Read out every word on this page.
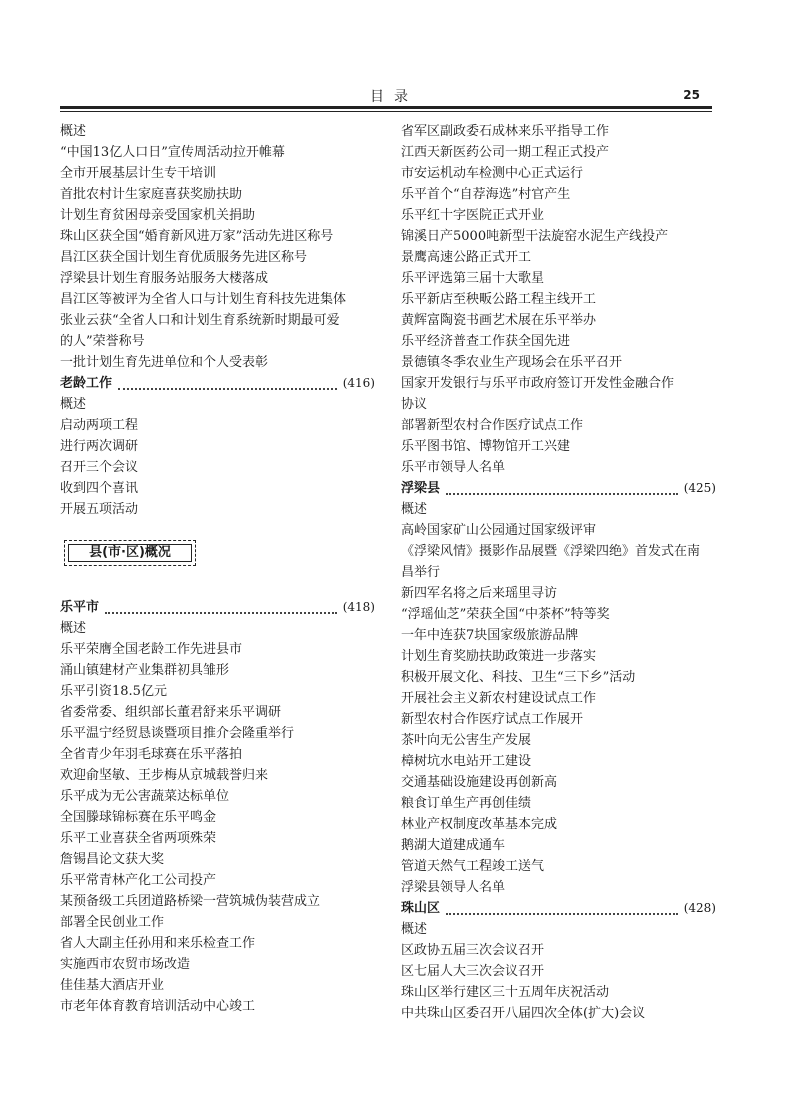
目录	25
概述
“中国13亿人口日”宣传周活动拉开帷幕
全市开展基层计生专干培训
首批农村计生家庭喜获奖励扶助
计划生育贫困母亲受国家机关捐助
珠山区获全国“婚育新风进万家”活动先进区称号
昌江区获全国计划生育优质服务先进区称号
浮梁县计划生育服务站服务大楼落成
昌江区等被评为全省人口与计划生育科技先进集体
张业云获“全省人口和计划生育系统新时期最可爱
的人”荣誉称号
一批计划生育先进单位和个人受表彰
老龄工作	(416)
概述
启动两项工程
进行两次调研
召开三个会议
收到四个喜讯
开展五项活动
县(市·区)概况
乐平市	(418)
概述
乐平荣膺全国老龄工作先进县市
涌山镇建材产业集群初具雏形
乐平引资18.5亿元
省委常委、组织部长董君舒来乐平调研
乐平温宁经贸恳谈暨项目推介会隆重举行
全省青少年羽毛球赛在乐平落拍
欢迎俞坚敏、王步梅从京城载誉归来
乐平成为无公害蔬菜达标单位
全国滕球锦标赛在乐平鸣金
乐平工业喜获全省两项殊荣
詹锡昌论文获大奖
乐平常青林产化工公司投产
某预备级工兵团道路桥梁一营筑城伪装营成立
部署全民创业工作
省人大副主任孙用和来乐检查工作
实施西市农贸市场改造
佳佳基大酒店开业
市老年体育教育培训活动中心竣工
省军区副政委石成林来乐平指导工作
江西天新医药公司一期工程正式投产
市安运机动车检测中心正式运行
乐平首个“自荐海选”村官产生
乐平红十字医院正式开业
锦溪日产5000吨新型干法旋窑水泥生产线投产
景鹰高速公路正式开工
乐平评选第三届十大歌星
乐平新店至秧畈公路工程主线开工
黄辉富陶瓷书画艺术展在乐平举办
乐平经济普查工作获全国先进
景德镇冬季农业生产现场会在乐平召开
国家开发银行与乐平市政府签订开发性金融合作
协议
部署新型农村合作医疗试点工作
乐平图书馆、博物馆开工兴建
乐平市领导人名单
浮梁县	(425)
概述
高岭国家矿山公园通过国家级评审
《浮梁风情》摄影作品展暨《浮梁四绝》首发式在南
昌举行
新四军名将之后来瑶里寻访
“浮瑶仙芝”荣获全国“中茶杯”特等奖
一年中连获7块国家级旅游品牌
计划生育奖励扶助政策进一步落实
积极开展文化、科技、卫生“三下乡”活动
开展社会主义新农村建设试点工作
新型农村合作医疗试点工作展开
茶叶向无公害生产发展
樟树坑水电站开工建设
交通基础设施建设再创新高
粮食订单生产再创佳绩
林业产权制度改革基本完成
鹅湖大道建成通车
管道天然气工程竣工送气
浮梁县领导人名单
珠山区	(428)
概述
区政协五届三次会议召开
区七届人大三次会议召开
珠山区举行建区三十五周年庆祝活动
中共珠山区委召开八届四次全体(扩大)会议
